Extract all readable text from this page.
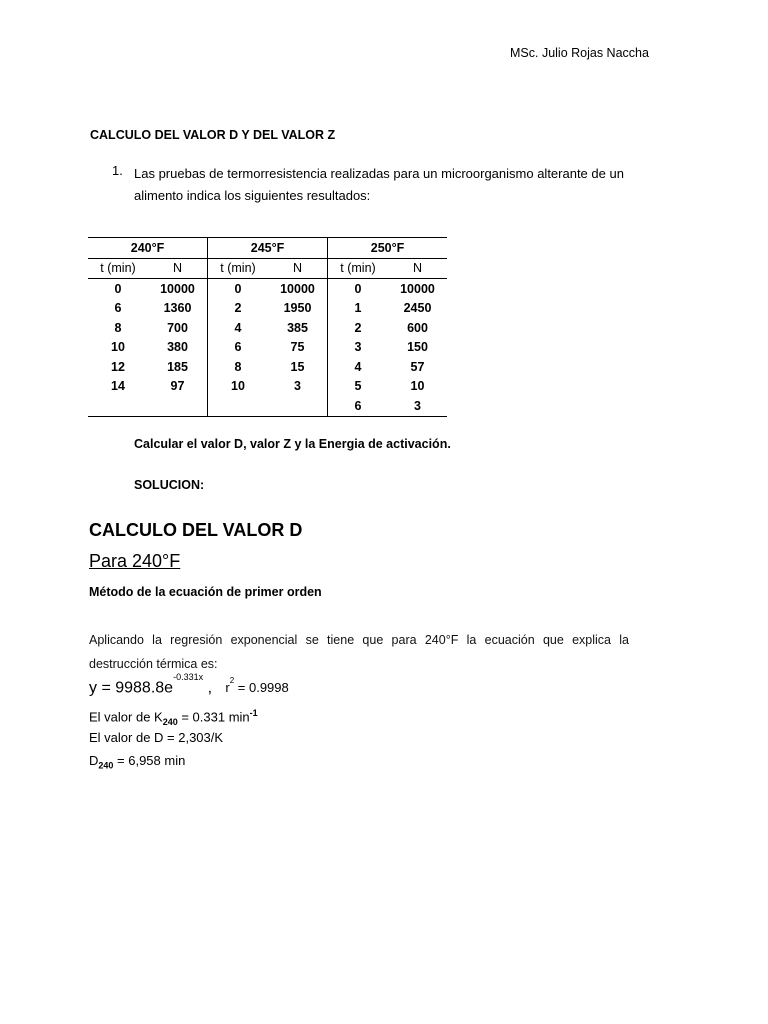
MSc. Julio Rojas Naccha
CALCULO DEL VALOR D Y DEL VALOR Z
1. Las pruebas de termorresistencia realizadas para un microorganismo alterante de un alimento indica los siguientes resultados:
240°F		245°F		250°F	
t (min)	N	t (min)	N	t (min)	N
0	10000	0	10000	0	10000
6	1360	2	1950	1	2450
8	700	4	385	2	600
10	380	6	75	3	150
12	185	8	15	4	57
14	97	10	3	5	10
				6	3
Calcular el valor D, valor Z y la Energia de activación.
SOLUCION:
CALCULO DEL VALOR D
Para 240°F
Método de la ecuación de primer orden
Aplicando la regresión exponencial se tiene que para 240°F la ecuación que explica la destrucción térmica es:
$y = 9988.8e^{-0.331x}$ , $r^2 = 0.9998$
El valor de $K_{240} = 0.331$ $\min^{-1}$
El valor de D = 2,303/K
$D_{240} = 6,958$ min
